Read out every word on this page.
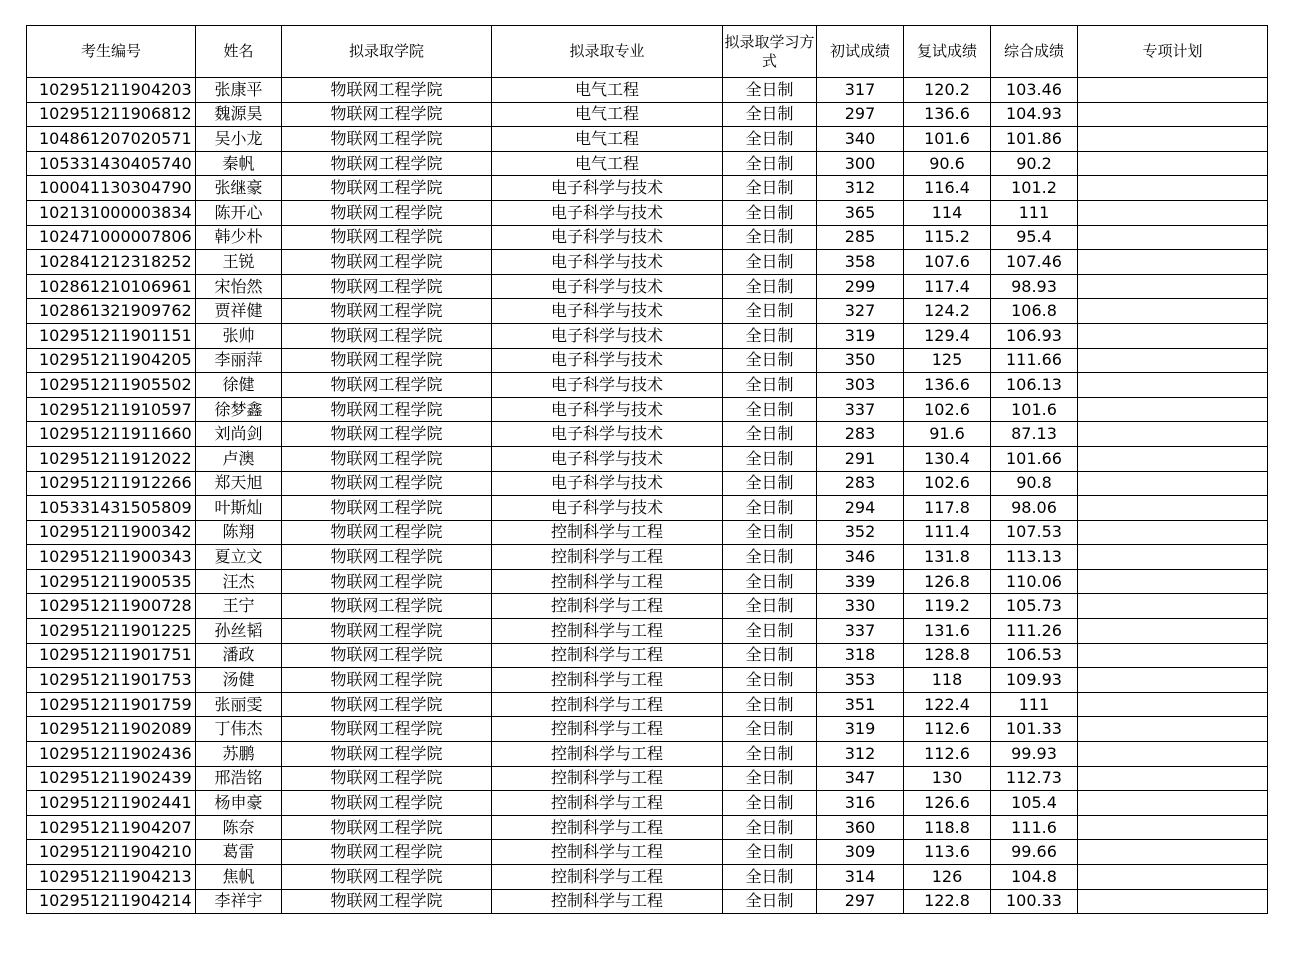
考生编号	姓名	拟录取学院	拟录取专业	拟录取学习方式	初试成绩	复试成绩	综合成绩	专项计划
102951211904203	张康平	物联网工程学院	电气工程	全日制	317	120.2	103.46	
102951211906812	魏源昊	物联网工程学院	电气工程	全日制	297	136.6	104.93	
104861207020571	吴小龙	物联网工程学院	电气工程	全日制	340	101.6	101.86	
105331430405740	秦帆	物联网工程学院	电气工程	全日制	300	90.6	90.2	
100041130304790	张继豪	物联网工程学院	电子科学与技术	全日制	312	116.4	101.2	
102131000003834	陈开心	物联网工程学院	电子科学与技术	全日制	365	114	111	
102471000007806	韩少朴	物联网工程学院	电子科学与技术	全日制	285	115.2	95.4	
102841212318252	王锐	物联网工程学院	电子科学与技术	全日制	358	107.6	107.46	
102861210106961	宋怡然	物联网工程学院	电子科学与技术	全日制	299	117.4	98.93	
102861321909762	贾祥健	物联网工程学院	电子科学与技术	全日制	327	124.2	106.8	
102951211901151	张帅	物联网工程学院	电子科学与技术	全日制	319	129.4	106.93	
102951211904205	李丽萍	物联网工程学院	电子科学与技术	全日制	350	125	111.66	
102951211905502	徐健	物联网工程学院	电子科学与技术	全日制	303	136.6	106.13	
102951211910597	徐梦鑫	物联网工程学院	电子科学与技术	全日制	337	102.6	101.6	
102951211911660	刘尚剑	物联网工程学院	电子科学与技术	全日制	283	91.6	87.13	
102951211912022	卢澳	物联网工程学院	电子科学与技术	全日制	291	130.4	101.66	
102951211912266	郑天旭	物联网工程学院	电子科学与技术	全日制	283	102.6	90.8	
105331431505809	叶斯灿	物联网工程学院	电子科学与技术	全日制	294	117.8	98.06	
102951211900342	陈翔	物联网工程学院	控制科学与工程	全日制	352	111.4	107.53	
102951211900343	夏立文	物联网工程学院	控制科学与工程	全日制	346	131.8	113.13	
102951211900535	汪杰	物联网工程学院	控制科学与工程	全日制	339	126.8	110.06	
102951211900728	王宁	物联网工程学院	控制科学与工程	全日制	330	119.2	105.73	
102951211901225	孙丝韬	物联网工程学院	控制科学与工程	全日制	337	131.6	111.26	
102951211901751	潘政	物联网工程学院	控制科学与工程	全日制	318	128.8	106.53	
102951211901753	汤健	物联网工程学院	控制科学与工程	全日制	353	118	109.93	
102951211901759	张丽雯	物联网工程学院	控制科学与工程	全日制	351	122.4	111	
102951211902089	丁伟杰	物联网工程学院	控制科学与工程	全日制	319	112.6	101.33	
102951211902436	苏鹏	物联网工程学院	控制科学与工程	全日制	312	112.6	99.93	
102951211902439	邢浩铭	物联网工程学院	控制科学与工程	全日制	347	130	112.73	
102951211902441	杨申豪	物联网工程学院	控制科学与工程	全日制	316	126.6	105.4	
102951211904207	陈奈	物联网工程学院	控制科学与工程	全日制	360	118.8	111.6	
102951211904210	葛雷	物联网工程学院	控制科学与工程	全日制	309	113.6	99.66	
102951211904213	焦帆	物联网工程学院	控制科学与工程	全日制	314	126	104.8	
102951211904214	李祥宇	物联网工程学院	控制科学与工程	全日制	297	122.8	100.33	
